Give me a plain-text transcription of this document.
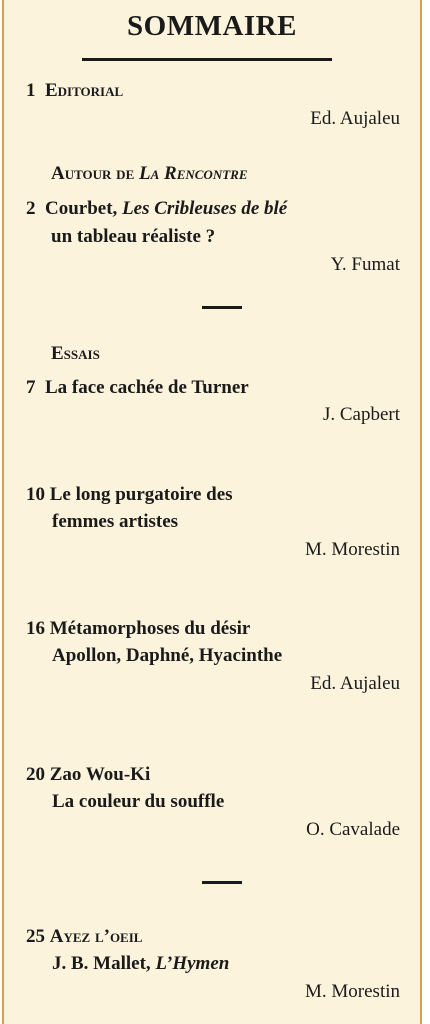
SOMMAIRE
1 Editorial
Ed. Aujaleu
Autour de La Rencontre
2 Courbet, Les Cribleuses de blé
un tableau réaliste ?
Y. Fumat
Essais
7 La face cachée de Turner
J. Capbert
10 Le long purgatoire des
femmes artistes
M. Morestin
16 Métamorphoses du désir
Apollon, Daphné, Hyacinthe
Ed. Aujaleu
20 Zao Wou-Ki
La couleur du souffle
O. Cavalade
25 Ayez l’oeil
J. B. Mallet, L’Hymen
M. Morestin
